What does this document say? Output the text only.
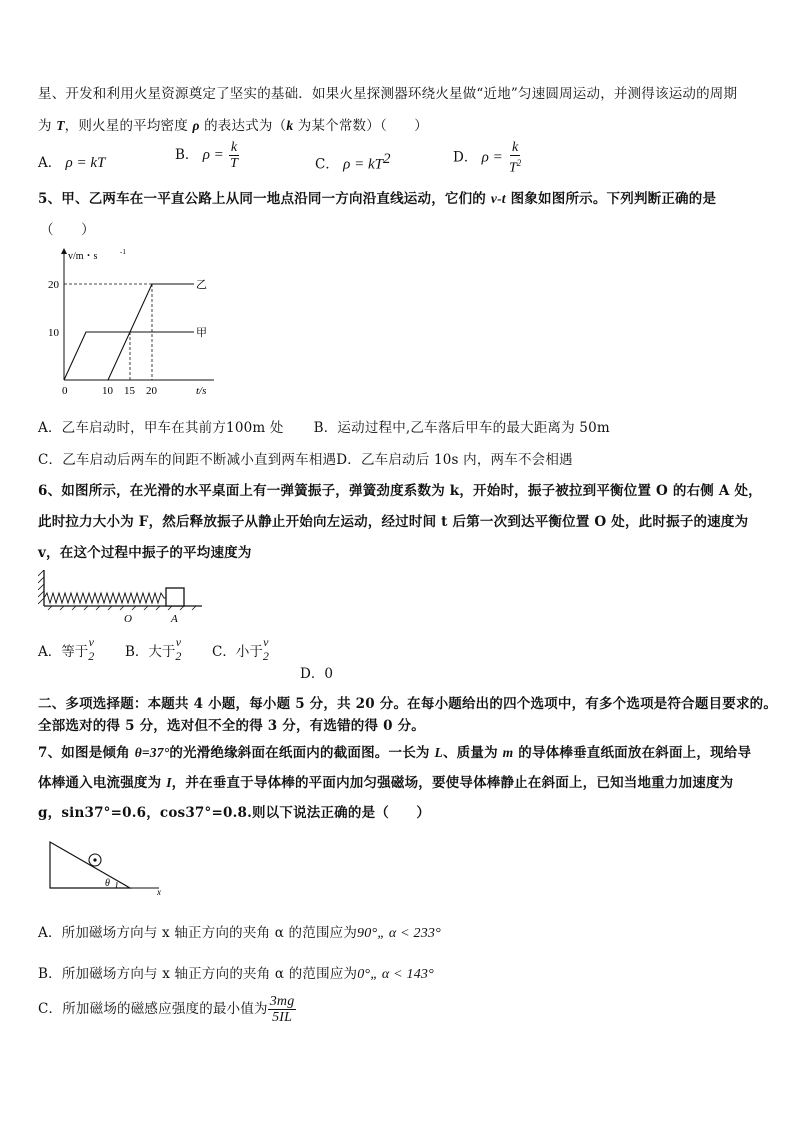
星、开发和利用火星资源奠定了坚实的基础．如果火星探测器环绕火星做“近地”匀速圆周运动，并测得该运动的周期
为 T，则火星的平均密度 ρ 的表达式为（k 为某个常数）（　　）
A． ρ = kT	B． $\rho = \frac{k}{T}$	C． $\rho = kT^2$	D． $\rho = \frac{k}{T^2}$
5、甲、乙两车在一平直公路上从同一地点沿同一方向沿直线运动，它们的 v-t 图象如图所示。下列判断正确的是
（　　）
10
20
0	10 15 20	t/s
v/m・s	-1
乙
甲
A．乙车启动时，甲车在其前方100m 处 B．运动过程中,乙车落后甲车的最大距离为 50m
C．乙车启动后两车的间距不断减小直到两车相遇D．乙车启动后 10s 内，两车不会相遇
6、如图所示，在光滑的水平桌面上有一弹簧振子，弹簧劲度系数为 k，开始时，振子被拉到平衡位置 O 的右侧 A 处，
此时拉力大小为 F，然后释放振子从静止开始向左运动，经过时间 t 后第一次到达平衡位置 O 处，此时振子的速度为
v，在这个过程中振子的平均速度为
O	A
A．等于
v
2 B．大于
v
2 C．小于
v
2
D．0
二、多项选择题：本题共 4 小题，每小题 5 分，共 20 分。在每小题给出的四个选项中，有多个选项是符合题目要求的。
全部选对的得 5 分，选对但不全的得 3 分，有选错的得 0 分。
7、如图是倾角 θ=37°的光滑绝缘斜面在纸面内的截面图。一长为 L、质量为 m 的导体棒垂直纸面放在斜面上，现给导
体棒通入电流强度为 I，并在垂直于导体棒的平面内加匀强磁场，要使导体棒静止在斜面上，已知当地重力加速度为
g，sin37°=0.6，cos37°=0.8.则以下说法正确的是（　　）
θ
x
A．所加磁场方向与 x 轴正方向的夹角 α 的范围应为90°„ α < 233°
B．所加磁场方向与 x 轴正方向的夹角 α 的范围应为0°„ α < 143°
C．所加磁场的磁感应强度的最小值为 $\frac{3mg}{5IL}$
